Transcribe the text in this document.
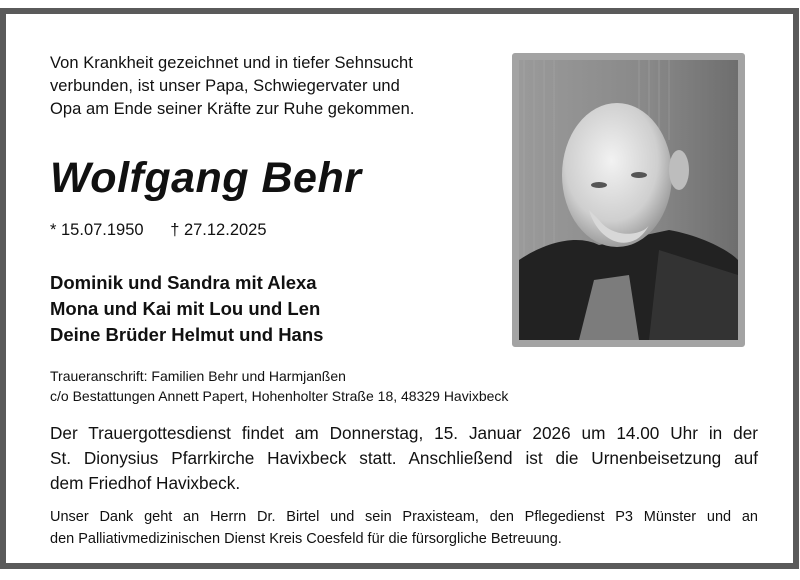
Von Krankheit gezeichnet und in tiefer Sehnsucht
verbunden, ist unser Papa, Schwiegervater und
Opa am Ende seiner Kräfte zur Ruhe gekommen.
Wolfgang Behr
* 15.07.1950 † 27.12.2025
Dominik und Sandra mit Alexa
Mona und Kai mit Lou und Len
Deine Brüder Helmut und Hans
Traueranschrift: Familien Behr und Harmjanßen
c/o Bestattungen Annett Papert, Hohenholter Straße 18, 48329 Havixbeck
Der Trauergottesdienst findet am Donnerstag, 15. Januar 2026 um 14.00 Uhr in der
St. Dionysius Pfarrkirche Havixbeck statt. Anschließend ist die Urnenbeisetzung auf
dem Friedhof Havixbeck.
Unser Dank geht an Herrn Dr. Birtel und sein Praxisteam, den Pflegedienst P3 Münster und an
den Palliativmedizinischen Dienst Kreis Coesfeld für die fürsorgliche Betreuung.
